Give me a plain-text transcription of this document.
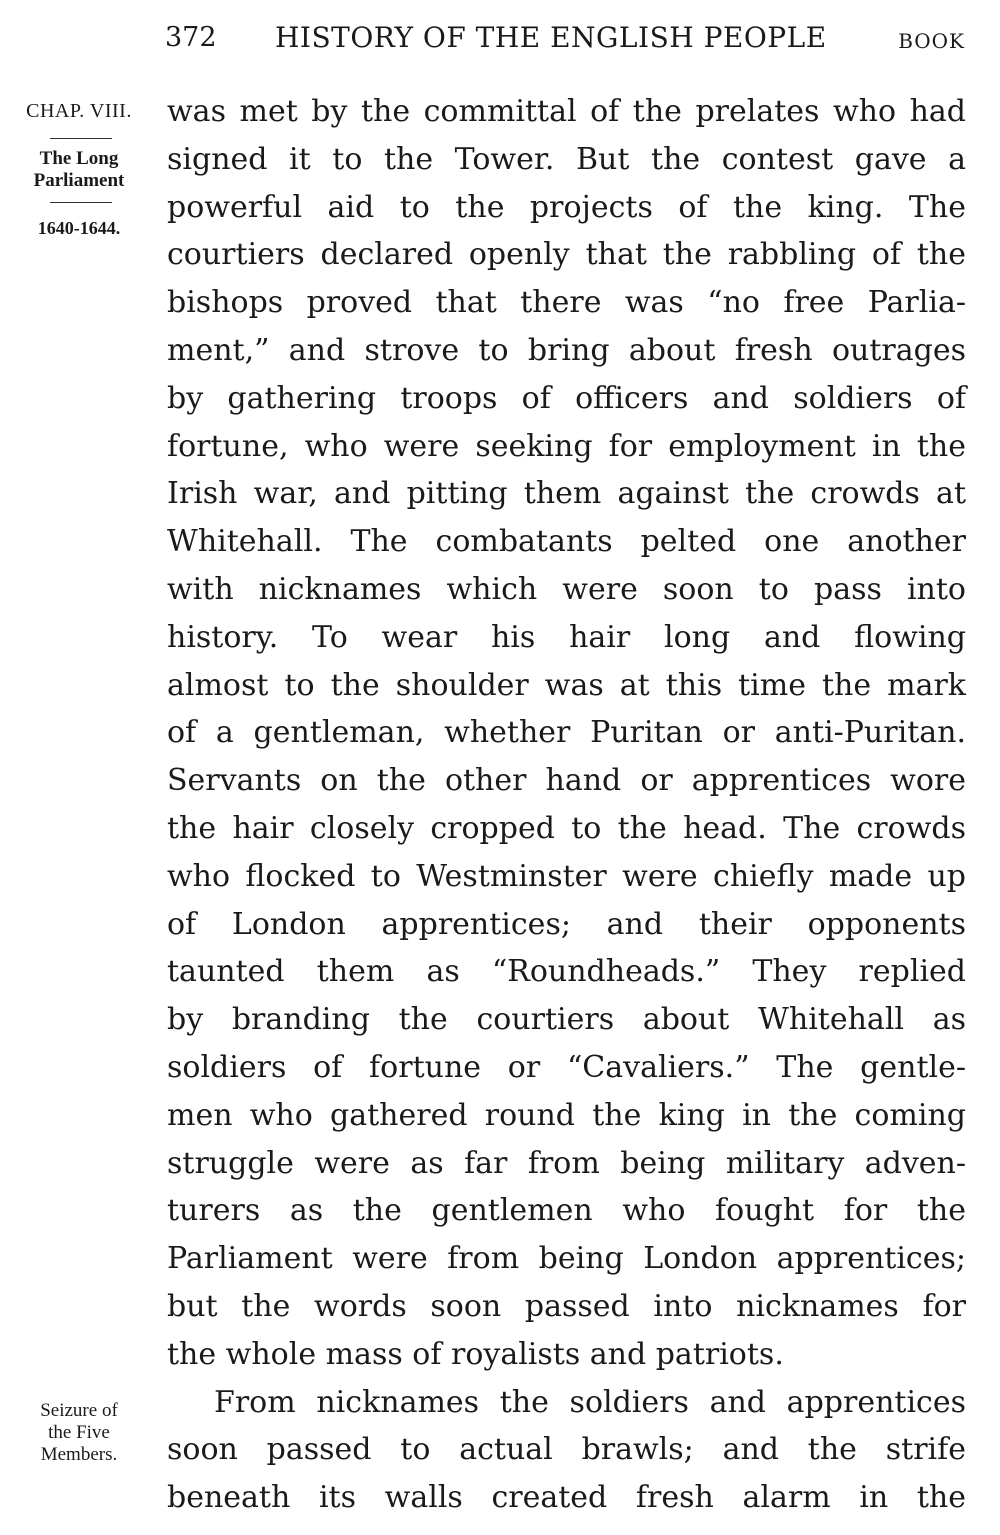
372 HISTORY OF THE ENGLISH PEOPLE	BOOK
CHAP. VIII.
The Long
Parliament
1640-1644.
Seizure of
the Five
Members.
was met by the committal of the prelates who had
signed it to the Tower. But the contest gave a
powerful aid to the projects of the king. The
courtiers declared openly that the rabbling of the
bishops proved that there was “no free Parlia-
ment,” and strove to bring about fresh outrages
by gathering troops of officers and soldiers of
fortune, who were seeking for employment in the
Irish war, and pitting them against the crowds at
Whitehall. The combatants pelted one another
with nicknames which were soon to pass into
history. To wear his hair long and flowing
almost to the shoulder was at this time the mark
of a gentleman, whether Puritan or anti-Puritan.
Servants on the other hand or apprentices wore
the hair closely cropped to the head. The crowds
who flocked to Westminster were chiefly made up
of London apprentices; and their opponents
taunted them as “Roundheads.” They replied
by branding the courtiers about Whitehall as
soldiers of fortune or “Cavaliers.” The gentle-
men who gathered round the king in the coming
struggle were as far from being military adven-
turers as the gentlemen who fought for the
Parliament were from being London apprentices;
but the words soon passed into nicknames for
the whole mass of royalists and patriots.
From nicknames the soldiers and apprentices
soon passed to actual brawls; and the strife
beneath its walls created fresh alarm in the
